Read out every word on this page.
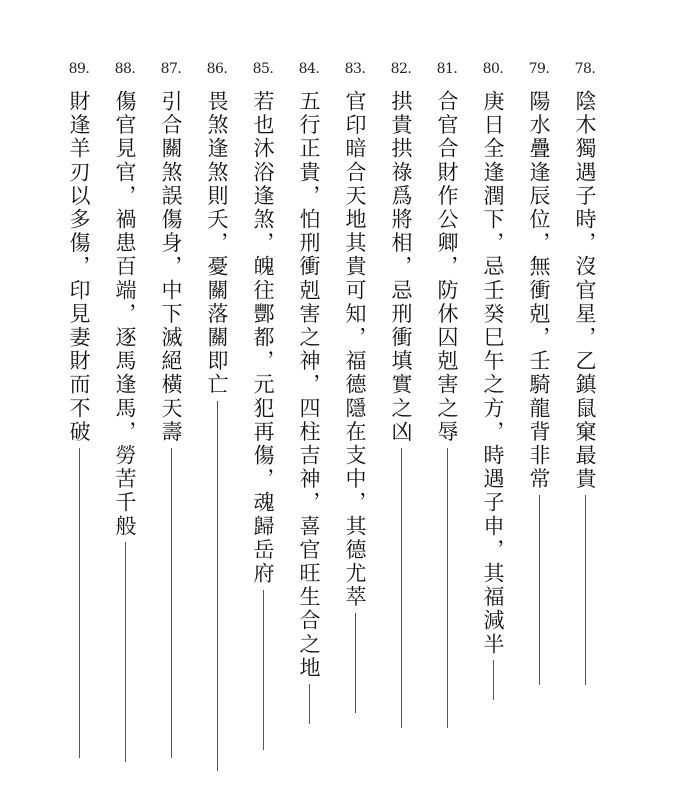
78.
陰木獨遇子時，沒官星，乙鎮鼠窠最貴
79.
陽水疊逢辰位，無衝剋，壬騎龍背非常
80.
庚日全逢潤下，忌壬癸巳午之方，時遇子申，其福減半
81.
合官合財作公卿，防休囚剋害之辱
82.
拱貴拱祿爲將相，忌刑衝填實之凶
83.
官印暗合天地其貴可知，福德隱在支中，其德尤萃
84.
五行正貴，怕刑衝剋害之神，四柱吉神，喜官旺生合之地
85.
若也沐浴逢煞，魄往酆都，元犯再傷，魂歸岳府
86.
畏煞逢煞則夭，憂關落關即亡
87.
引合關煞誤傷身，中下滅絕橫天壽
88.
傷官見官，禍患百端，逐馬逢馬，勞苦千般
89.
財逢羊刃以多傷，印見妻財而不破
